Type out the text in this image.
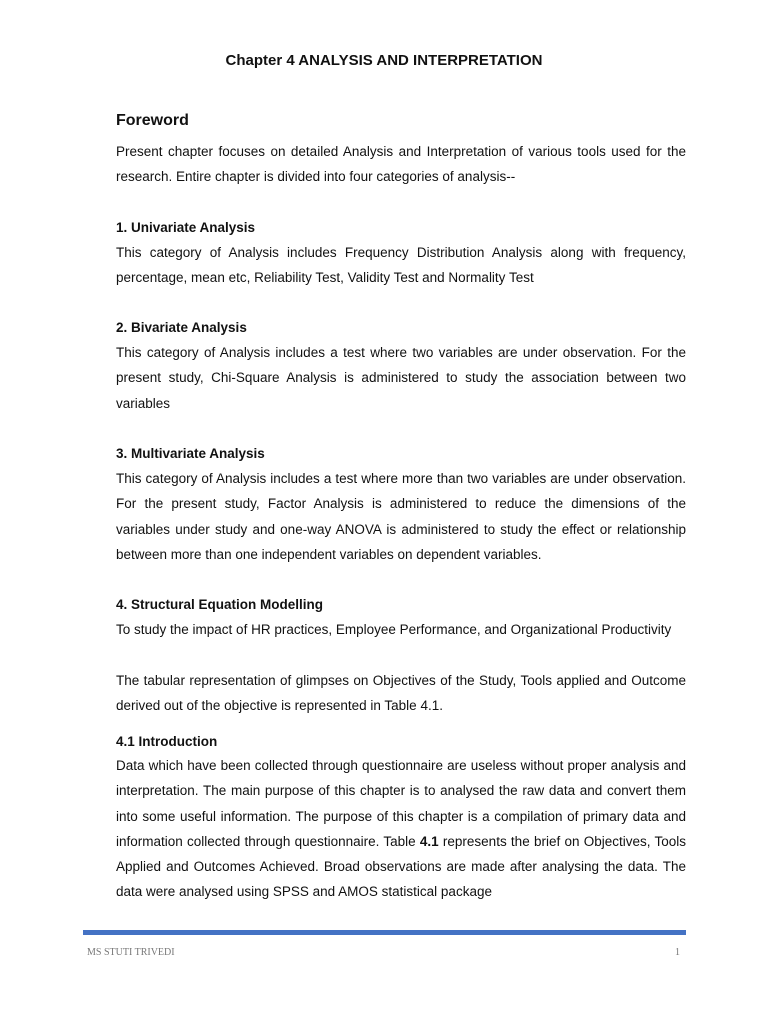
Chapter 4 ANALYSIS AND INTERPRETATION
Foreword

Present chapter focuses on detailed Analysis and Interpretation of various tools used for the research. Entire chapter is divided into four categories of analysis--

1. Univariate Analysis

This category of Analysis includes Frequency Distribution Analysis along with frequency, percentage, mean etc, Reliability Test, Validity Test and Normality Test

2. Bivariate Analysis

This category of Analysis includes a test where two variables are under observation. For the present study, Chi-Square Analysis is administered to study the association between two variables

3. Multivariate Analysis

This category of Analysis includes a test where more than two variables are under observation. For the present study, Factor Analysis is administered to reduce the dimensions of the variables under study and one-way ANOVA is administered to study the effect or relationship between more than one independent variables on dependent variables.

4. Structural Equation Modelling

To study the impact of HR practices, Employee Performance, and Organizational Productivity

The tabular representation of glimpses on Objectives of the Study, Tools applied and Outcome derived out of the objective is represented in Table 4.1.

4.1 Introduction

Data which have been collected through questionnaire are useless without proper analysis and interpretation. The main purpose of this chapter is to analysed the raw data and convert them into some useful information. The purpose of this chapter is a compilation of primary data and information collected through questionnaire. Table 4.1 represents the brief on Objectives, Tools Applied and Outcomes Achieved. Broad observations are made after analysing the data. The data were analysed using SPSS and AMOS statistical package

MS STUTI TRIVEDI	1
